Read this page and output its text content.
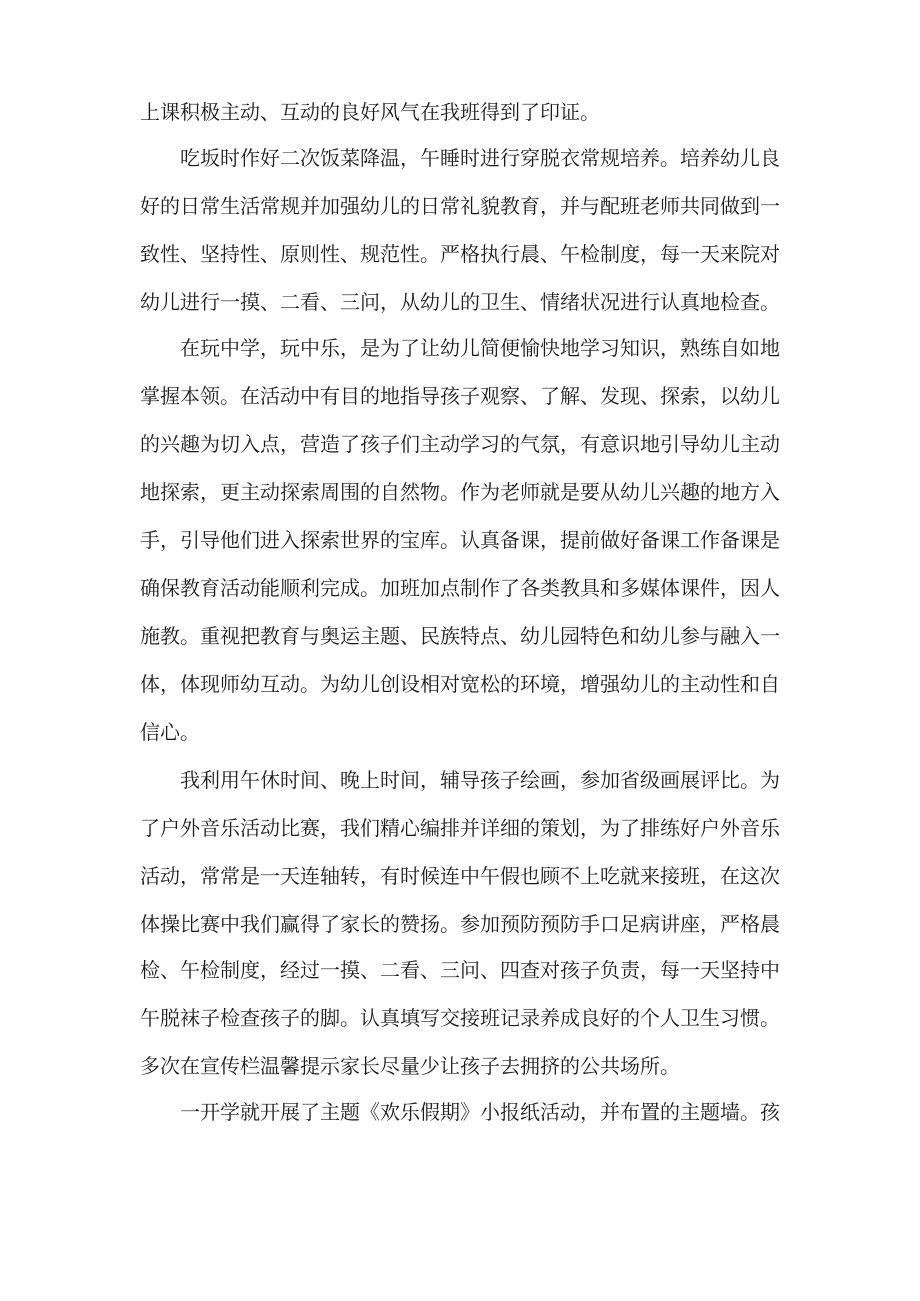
上课积极主动、互动的良好风气在我班得到了印证。
吃坂时作好二次饭菜降温，午睡时进行穿脱衣常规培养。培养幼儿良
好的日常生活常规并加强幼儿的日常礼貌教育，并与配班老师共同做到一
致性、坚持性、原则性、规范性。严格执行晨、午检制度，每一天来院对
幼儿进行一摸、二看、三问，从幼儿的卫生、情绪状况进行认真地检查。
在玩中学，玩中乐，是为了让幼儿简便愉快地学习知识，熟练自如地
掌握本领。在活动中有目的地指导孩子观察、了解、发现、探索，以幼儿
的兴趣为切入点，营造了孩子们主动学习的气氛，有意识地引导幼儿主动
地探索，更主动探索周围的自然物。作为老师就是要从幼儿兴趣的地方入
手，引导他们进入探索世界的宝库。认真备课，提前做好备课工作备课是
确保教育活动能顺利完成。加班加点制作了各类教具和多媒体课件，因人
施教。重视把教育与奥运主题、民族特点、幼儿园特色和幼儿参与融入一
体，体现师幼互动。为幼儿创设相对宽松的环境，增强幼儿的主动性和自
信心。
我利用午休时间、晚上时间，辅导孩子绘画，参加省级画展评比。为
了户外音乐活动比赛，我们精心编排并详细的策划，为了排练好户外音乐
活动，常常是一天连轴转，有时候连中午假也顾不上吃就来接班，在这次
体操比赛中我们赢得了家长的赞扬。参加预防预防手口足病讲座，严格晨
检、午检制度，经过一摸、二看、三问、四查对孩子负责，每一天坚持中
午脱袜子检查孩子的脚。认真填写交接班记录养成良好的个人卫生习惯。
多次在宣传栏温馨提示家长尽量少让孩子去拥挤的公共场所。
一开学就开展了主题《欢乐假期》小报纸活动，并布置的主题墙。孩
